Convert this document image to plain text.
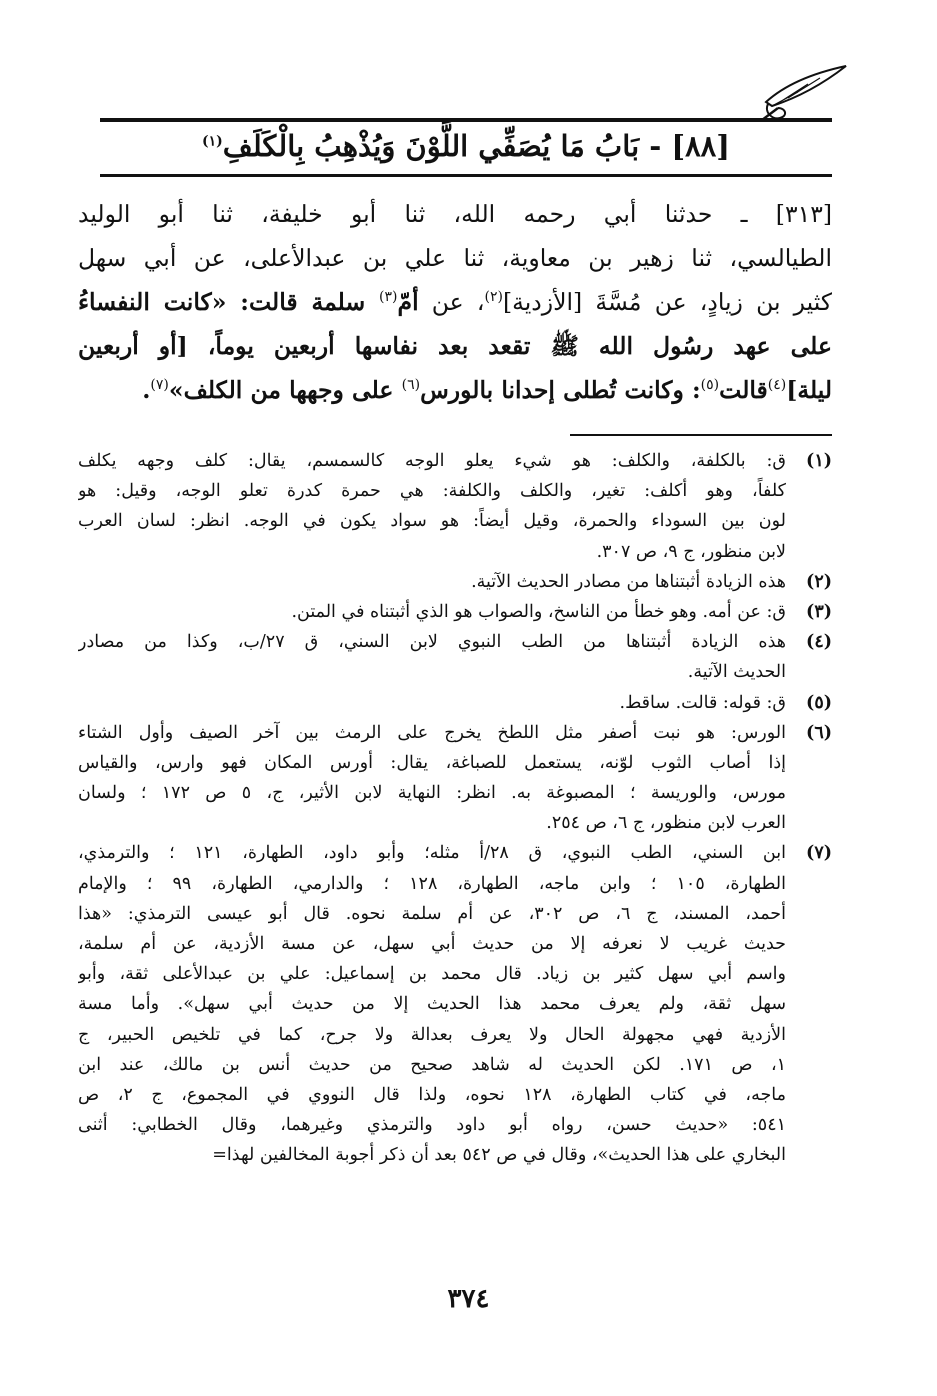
[٨٨] - بَابُ مَا يُصَفِّي اللَّوْنَ وَيُذْهِبُ بِالْكَلَفِ$^{(١)}$
[٣١٣] ـ حدثنا أبي رحمه الله، ثنا أبو خليفة، ثنا أبو الوليد
الطيالسي، ثنا زهير بن معاوية، ثنا علي بن عبدالأعلى، عن أبي سهل
كثير بن زيادٍ، عن مُسَّةَ [الأزدية]$^{(٢)}$، عن أمّ$^{(٣)}$ سلمة قالت: «كانت النفساءُ
على عهد رسُول الله ﷺ تقعد بعد نفاسها أربعين يوماً، [أو أربعين
ليلة]$^{(٤)}$قالت$^{(٥)}$: وكانت تُطلى إحدانا بالورس$^{(٦)}$ على وجهها من الكلف»$^{(٧)}$.
(١)
ق: بالكلفة، والكلف: هو شيء يعلو الوجه كالسمسم، يقال: كلف وجهه يكلف
كلفاً، وهو أكلف: تغير، والكلف والكلفة: هي حمرة كدرة تعلو الوجه، وقيل: هو
لون بين السوداء والحمرة، وقيل أيضاً: هو سواد يكون في الوجه. انظر: لسان العرب
لابن منظور، ج ٩، ص ٣٠٧.
(٢)
هذه الزيادة أثبتناها من مصادر الحديث الآتية.
(٣)
ق: عن أمه. وهو خطأ من الناسخ، والصواب هو الذي أثبتناه في المتن.
(٤)
هذه الزيادة أثبتناها من الطب النبوي لابن السني، ق ٢٧/ب، وكذا من مصادر
الحديث الآتية.
(٥)
ق: قوله: قالت. ساقط.
(٦)
الورس: هو نبت أصفر مثل اللطخ يخرج على الرمث بين آخر الصيف وأول الشتاء
إذا أصاب الثوب لوّنه، يستعمل للصباغة، يقال: أورس المكان فهو وارس، والقياس
مورس، والوريسة ؛ المصبوغة به. انظر: النهاية لابن الأثير، ج، ٥ ص ١٧٢ ؛ ولسان
العرب لابن منظور، ج ٦، ص ٢٥٤.
(٧)
ابن السني، الطب النبوي، ق ٢٨/أ مثله؛ وأبو داود، الطهارة، ١٢١ ؛ والترمذي،
الطهارة، ١٠٥ ؛ وابن ماجه، الطهارة، ١٢٨ ؛ والدارمي، الطهارة، ٩٩ ؛ والإمام
أحمد، المسند، ج ٦، ص ٣٠٢، عن أم سلمة نحوه. قال أبو عيسى الترمذي: «هذا
حديث غريب لا نعرفه إلا من حديث أبي سهل، عن مسة الأزدية، عن أم سلمة،
واسم أبي سهل كثير بن زياد. قال محمد بن إسماعيل: علي بن عبدالأعلى ثقة، وأبو
سهل ثقة، ولم يعرف محمد هذا الحديث إلا من حديث أبي سهل». وأما مسة
الأزدية فهي مجهولة الحال ولا يعرف بعدالة ولا جرح، كما في تلخيص الحبير، ج
١، ص ١٧١. لكن الحديث له شاهد صحيح من حديث أنس بن مالك، عند ابن
ماجه، في كتاب الطهارة، ١٢٨ نحوه، ولذا قال النووي في المجموع، ج ٢، ص
٥٤١: «حديث حسن، رواه أبو داود والترمذي وغيرهما، وقال الخطابي: أثنى
البخاري على هذا الحديث»، وقال في ص ٥٤٢ بعد أن ذكر أجوبة المخالفين لهذا=
٣٧٤
